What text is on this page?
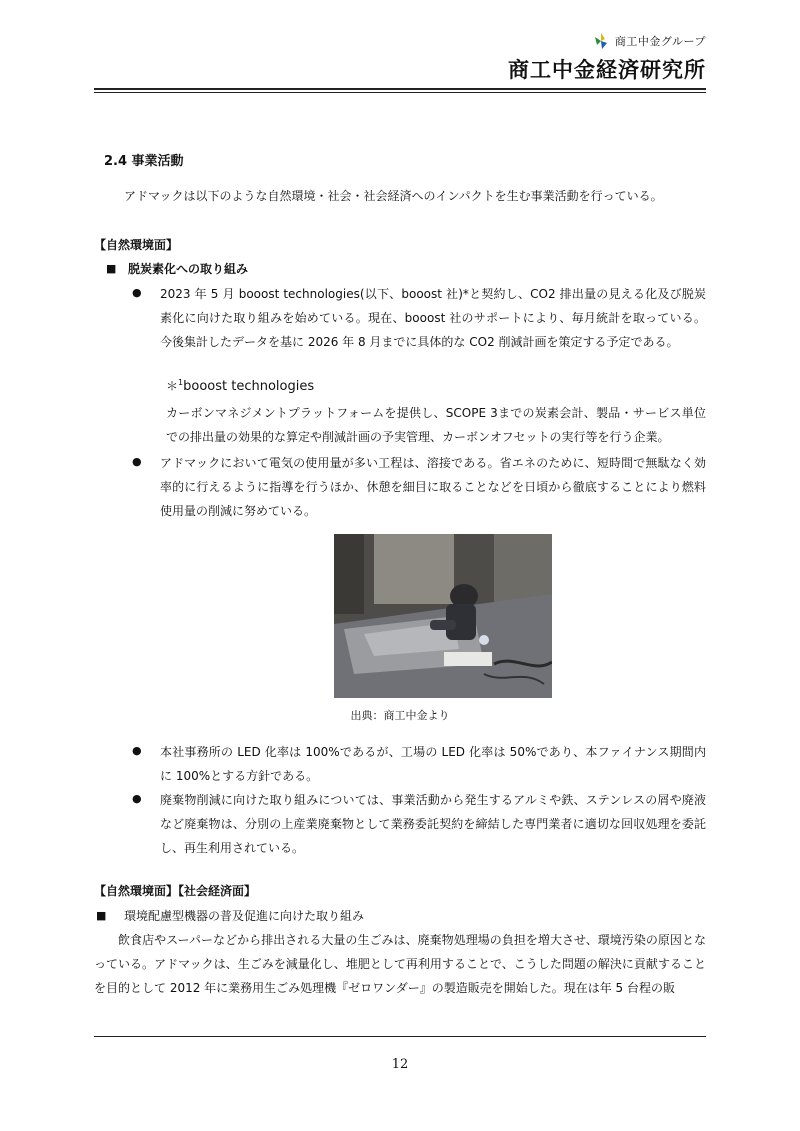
商工中金グループ
商工中金経済研究所
2.4 事業活動
アドマックは以下のような自然環境・社会・社会経済へのインパクトを生む事業活動を行っている。
【自然環境面】
■ 脱炭素化への取り組み
● 2023 年 5 月 booost technologies(以下、booost 社)*と契約し、CO2 排出量の見える化及び脱炭素化に向けた取り組みを始めている。現在、booost 社のサポートにより、毎月統計を取っている。今後集計したデータを基に 2026 年 8 月までに具体的な CO2 削減計画を策定する予定である。
＊$^1$booost technologies
カーボンマネジメントプラットフォームを提供し、SCOPE 3までの炭素会計、製品・サービス単位での排出量の効果的な算定や削減計画の予実管理、カーボンオフセットの実行等を行う企業。
● アドマックにおいて電気の使用量が多い工程は、溶接である。省エネのために、短時間で無駄なく効率的に行えるように指導を行うほか、休憩を細目に取ることなどを日頃から徹底することにより燃料使用量の削減に努めている。
出典：商工中金より
● 本社事務所の LED 化率は 100%であるが、工場の LED 化率は 50%であり、本ファイナンス期間内に 100%とする方針である。
● 廃棄物削減に向けた取り組みについては、事業活動から発生するアルミや鉄、ステンレスの屑や廃液など廃棄物は、分別の上産業廃棄物として業務委託契約を締結した専門業者に適切な回収処理を委託し、再生利用されている。
【自然環境面】【社会経済面】
■ 環境配慮型機器の普及促進に向けた取り組み
飲食店やスーパーなどから排出される大量の生ごみは、廃棄物処理場の負担を増大させ、環境汚染の原因となっている。アドマックは、生ごみを減量化し、堆肥として再利用することで、こうした問題の解決に貢献することを目的として 2012 年に業務用生ごみ処理機『ゼロワンダー』の製造販売を開始した。現在は年 5 台程の販
12
